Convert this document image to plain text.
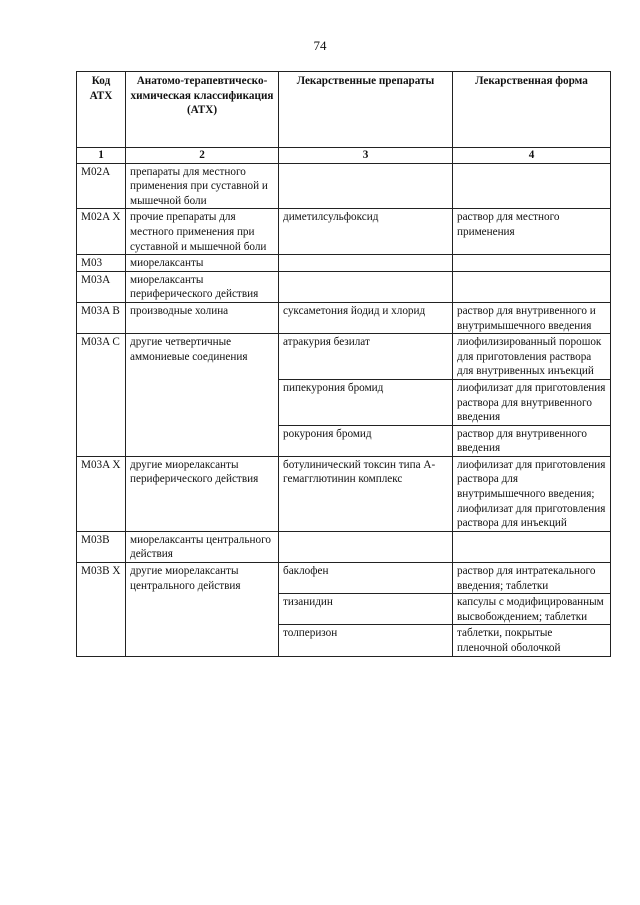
74
Код АТХ	Анатомо-терапевтическо-химическая классификация (АТХ)	Лекарственные препараты	Лекарственная форма
1	2	3	4
M02A	препараты для местного применения при суставной и мышечной боли		
M02A X	прочие препараты для местного применения при суставной и мышечной боли	диметилсульфоксид	раствор для местного применения
M03	миорелаксанты		
M03A	миорелаксанты периферического действия		
M03A B	производные холина	суксаметония йодид и хлорид	раствор для внутривенного и внутримышечного введения
M03A C	другие четвертичные аммониевые соединения	атракурия безилат	лиофилизированный порошок для приготовления раствора для внутривенных инъекций
		пипекурония бромид	лиофилизат для приготовления раствора для внутривенного введения
		рокурония бромид	раствор для внутривенного введения
M03A X	другие миорелаксанты периферического действия	ботулинический токсин типа А-гемагглютинин комплекс	лиофилизат для приготовления раствора для внутримышечного введения; лиофилизат для приготовления раствора для инъекций
M03B	миорелаксанты центрального действия		
M03B X	другие миорелаксанты центрального действия	баклофен	раствор для интратекального введения; таблетки
		тизанидин	капсулы с модифицированным высвобождением; таблетки
		толперизон	таблетки, покрытые пленочной оболочкой
